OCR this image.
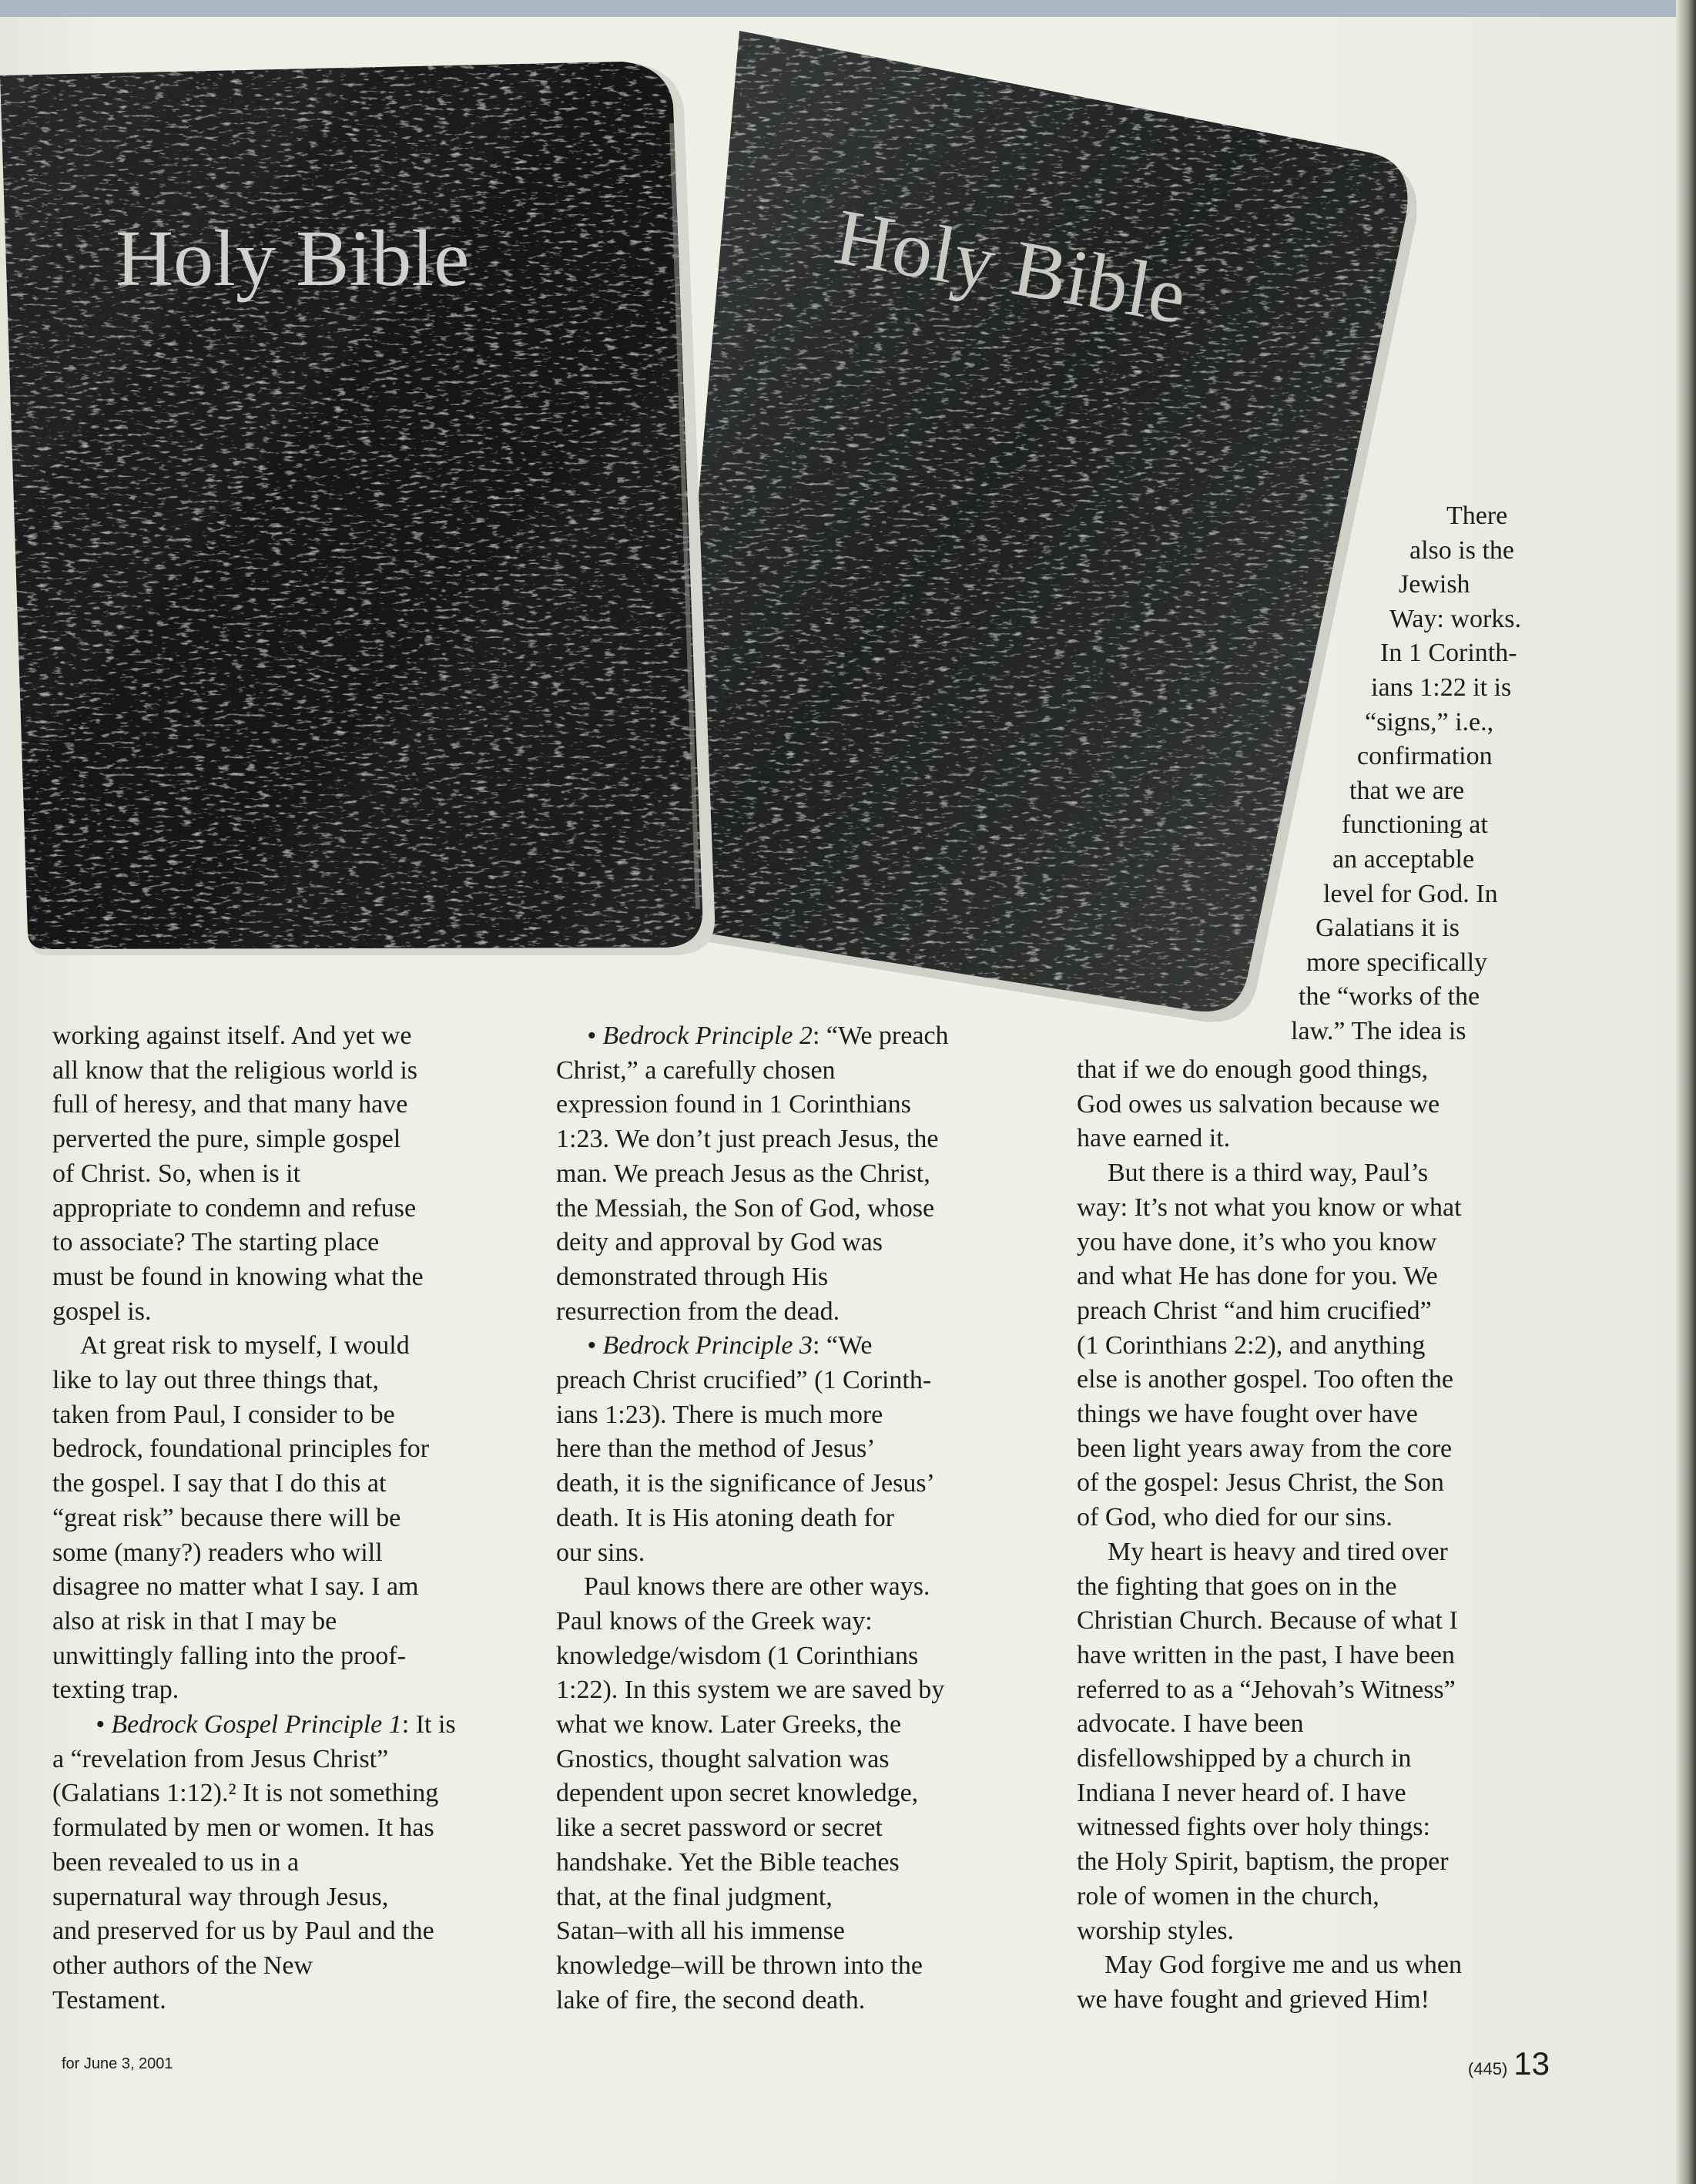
Holy Bible
Holy Bible
There
also is the
Jewish
Way: works.
In 1 Corinth-
ians 1:22 it is
“signs,” i.e.,
confirmation
that we are
functioning at
an acceptable
level for God. In
Galatians it is
more specifically
the “works of the
law.” The idea is

working against itself. And yet we
all know that the religious world is
full of heresy, and that many have
perverted the pure, simple gospel
of Christ. So, when is it
appropriate to condemn and refuse
to associate? The starting place
must be found in knowing what the
gospel is.

At great risk to myself, I would
like to lay out three things that,
taken from Paul, I consider to be
bedrock, foundational principles for
the gospel. I say that I do this at
“great risk” because there will be
some (many?) readers who will
disagree no matter what I say. I am
also at risk in that I may be
unwittingly falling into the proof-
texting trap.

• Bedrock Gospel Principle 1: It is
a “revelation from Jesus Christ”
(Galatians 1:12).² It is not something
formulated by men or women. It has
been revealed to us in a
supernatural way through Jesus,
and preserved for us by Paul and the
other authors of the New
Testament.

• Bedrock Principle 2: “We preach
Christ,” a carefully chosen
expression found in 1 Corinthians
1:23. We don’t just preach Jesus, the
man. We preach Jesus as the Christ,
the Messiah, the Son of God, whose
deity and approval by God was
demonstrated through His
resurrection from the dead.

• Bedrock Principle 3: “We
preach Christ crucified” (1 Corinth-
ians 1:23). There is much more
here than the method of Jesus’
death, it is the significance of Jesus’
death. It is His atoning death for
our sins.

Paul knows there are other ways.
Paul knows of the Greek way:
knowledge/wisdom (1 Corinthians
1:22). In this system we are saved by
what we know. Later Greeks, the
Gnostics, thought salvation was
dependent upon secret knowledge,
like a secret password or secret
handshake. Yet the Bible teaches
that, at the final judgment,
Satan–with all his immense
knowledge–will be thrown into the
lake of fire, the second death.

that if we do enough good things,
God owes us salvation because we
have earned it.

But there is a third way, Paul’s
way: It’s not what you know or what
you have done, it’s who you know
and what He has done for you. We
preach Christ “and him crucified”
(1 Corinthians 2:2), and anything
else is another gospel. Too often the
things we have fought over have
been light years away from the core
of the gospel: Jesus Christ, the Son
of God, who died for our sins.

My heart is heavy and tired over
the fighting that goes on in the
Christian Church. Because of what I
have written in the past, I have been
referred to as a “Jehovah’s Witness”
advocate. I have been
disfellowshipped by a church in
Indiana I never heard of. I have
witnessed fights over holy things:
the Holy Spirit, baptism, the proper
role of women in the church,
worship styles.

May God forgive me and us when
we have fought and grieved Him!

for June 3, 2001	(445) 13
